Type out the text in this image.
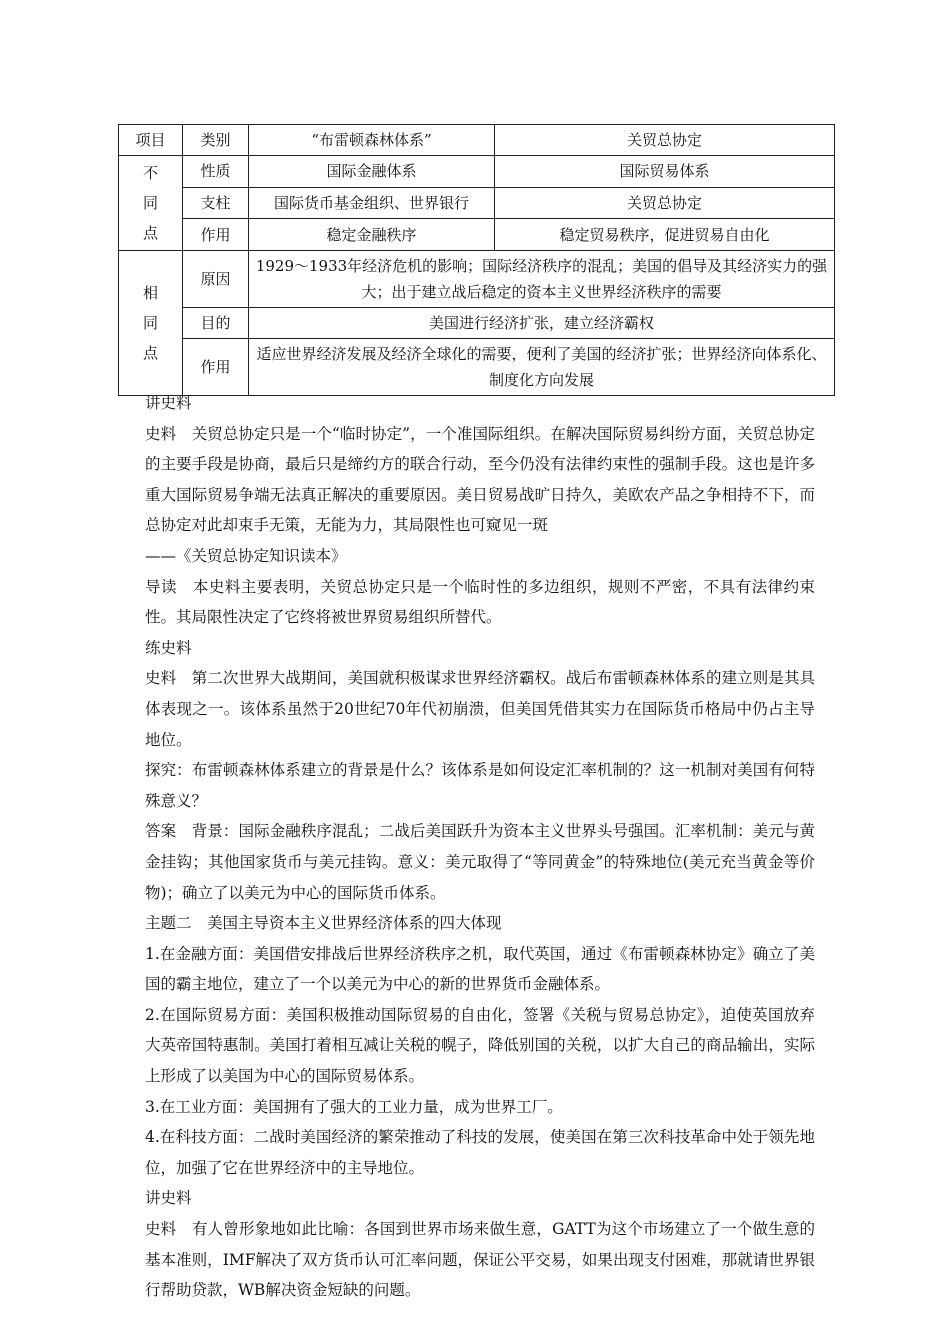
项目	类别	“布雷顿森林体系”	关贸总协定
不
同
点	性质	国际金融体系	国际贸易体系
	支柱	国际货币基金组织、世界银行	关贸总协定
	作用	稳定金融秩序	稳定贸易秩序，促进贸易自由化
相
同
点	原因	1929～1933年经济危机的影响；国际经济秩序的混乱；美国的倡导及其经济实力的强大；出于建立战后稳定的资本主义世界经济秩序的需要	
	目的	美国进行经济扩张，建立经济霸权	
	作用	适应世界经济发展及经济全球化的需要，便利了美国的经济扩张；世界经济向体系化、制度化方向发展	

讲史料

史料　关贸总协定只是一个“临时协定”，一个准国际组织。在解决国际贸易纠纷方面，关贸总协定的主要手段是协商，最后只是缔约方的联合行动，至今仍没有法律约束性的强制手段。这也是许多重大国际贸易争端无法真正解决的重要原因。美日贸易战旷日持久，美欧农产品之争相持不下，而总协定对此却束手无策，无能为力，其局限性也可窥见一斑

——《关贸总协定知识读本》

导读　本史料主要表明，关贸总协定只是一个临时性的多边组织，规则不严密，不具有法律约束性。其局限性决定了它终将被世界贸易组织所替代。

练史料

史料　第二次世界大战期间，美国就积极谋求世界经济霸权。战后布雷顿森林体系的建立则是其具体表现之一。该体系虽然于20世纪70年代初崩溃，但美国凭借其实力在国际货币格局中仍占主导地位。

探究：布雷顿森林体系建立的背景是什么？该体系是如何设定汇率机制的？这一机制对美国有何特殊意义？

答案　背景：国际金融秩序混乱；二战后美国跃升为资本主义世界头号强国。汇率机制：美元与黄金挂钩；其他国家货币与美元挂钩。意义：美元取得了“等同黄金”的特殊地位(美元充当黄金等价物)；确立了以美元为中心的国际货币体系。

主题二　美国主导资本主义世界经济体系的四大体现

1.在金融方面：美国借安排战后世界经济秩序之机，取代英国，通过《布雷顿森林协定》确立了美国的霸主地位，建立了一个以美元为中心的新的世界货币金融体系。

2.在国际贸易方面：美国积极推动国际贸易的自由化，签署《关税与贸易总协定》，迫使英国放弃大英帝国特惠制。美国打着相互减让关税的幌子，降低别国的关税，以扩大自己的商品输出，实际上形成了以美国为中心的国际贸易体系。

3.在工业方面：美国拥有了强大的工业力量，成为世界工厂。

4.在科技方面：二战时美国经济的繁荣推动了科技的发展，使美国在第三次科技革命中处于领先地位，加强了它在世界经济中的主导地位。

讲史料

史料　有人曾形象地如此比喻：各国到世界市场来做生意，GATT为这个市场建立了一个做生意的基本准则，IMF解决了双方货币认可汇率问题，保证公平交易，如果出现支付困难，那就请世界银行帮助贷款，WB解决资金短缺的问题。
